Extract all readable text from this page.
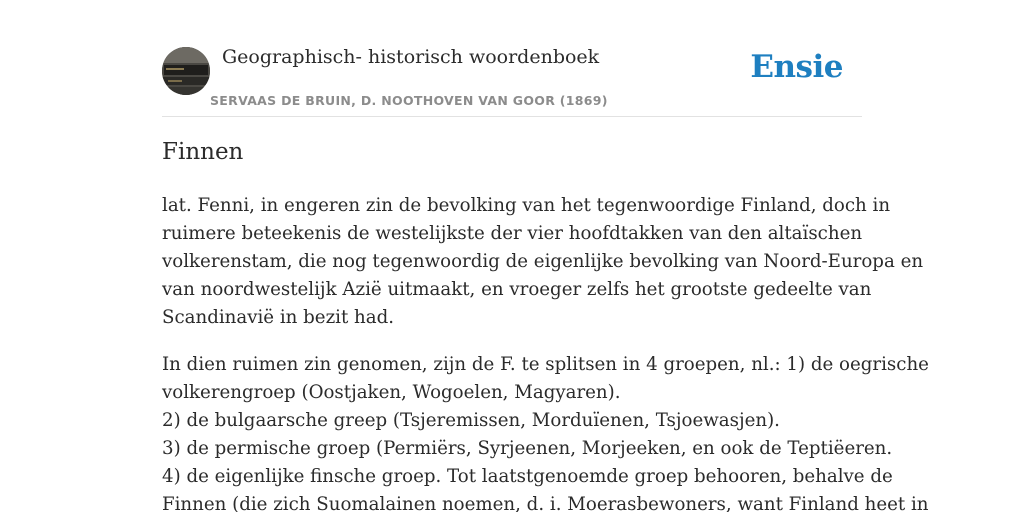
Geographisch- historisch woordenboek
SERVAAS DE BRUIN, D. NOOTHOVEN VAN GOOR (1869)
Ensie
Finnen
lat. Fenni, in engeren zin de bevolking van het tegenwoordige Finland, doch in
ruimere beteekenis de westelijkste der vier hoofdtakken van den altaïschen
volkerenstam, die nog tegenwoordig de eigenlijke bevolking van Noord-Europa en
van noordwestelijk Azië uitmaakt, en vroeger zelfs het grootste gedeelte van
Scandinavië in bezit had.
In dien ruimen zin genomen, zijn de F. te splitsen in 4 groepen, nl.: 1) de oegrische
volkerengroep (Oostjaken, Wogoelen, Magyaren).
2) de bulgaarsche greep (Tsjeremissen, Morduïenen, Tsjoewasjen).
3) de permische groep (Permiërs, Syrjeenen, Morjeeken, en ook de Teptiëeren.
4) de eigenlijke finsche groep. Tot laatstgenoemde groep behooren, behalve de
Finnen (die zich Suomalainen noemen, d. i. Moerasbewoners, want Finland heet in
